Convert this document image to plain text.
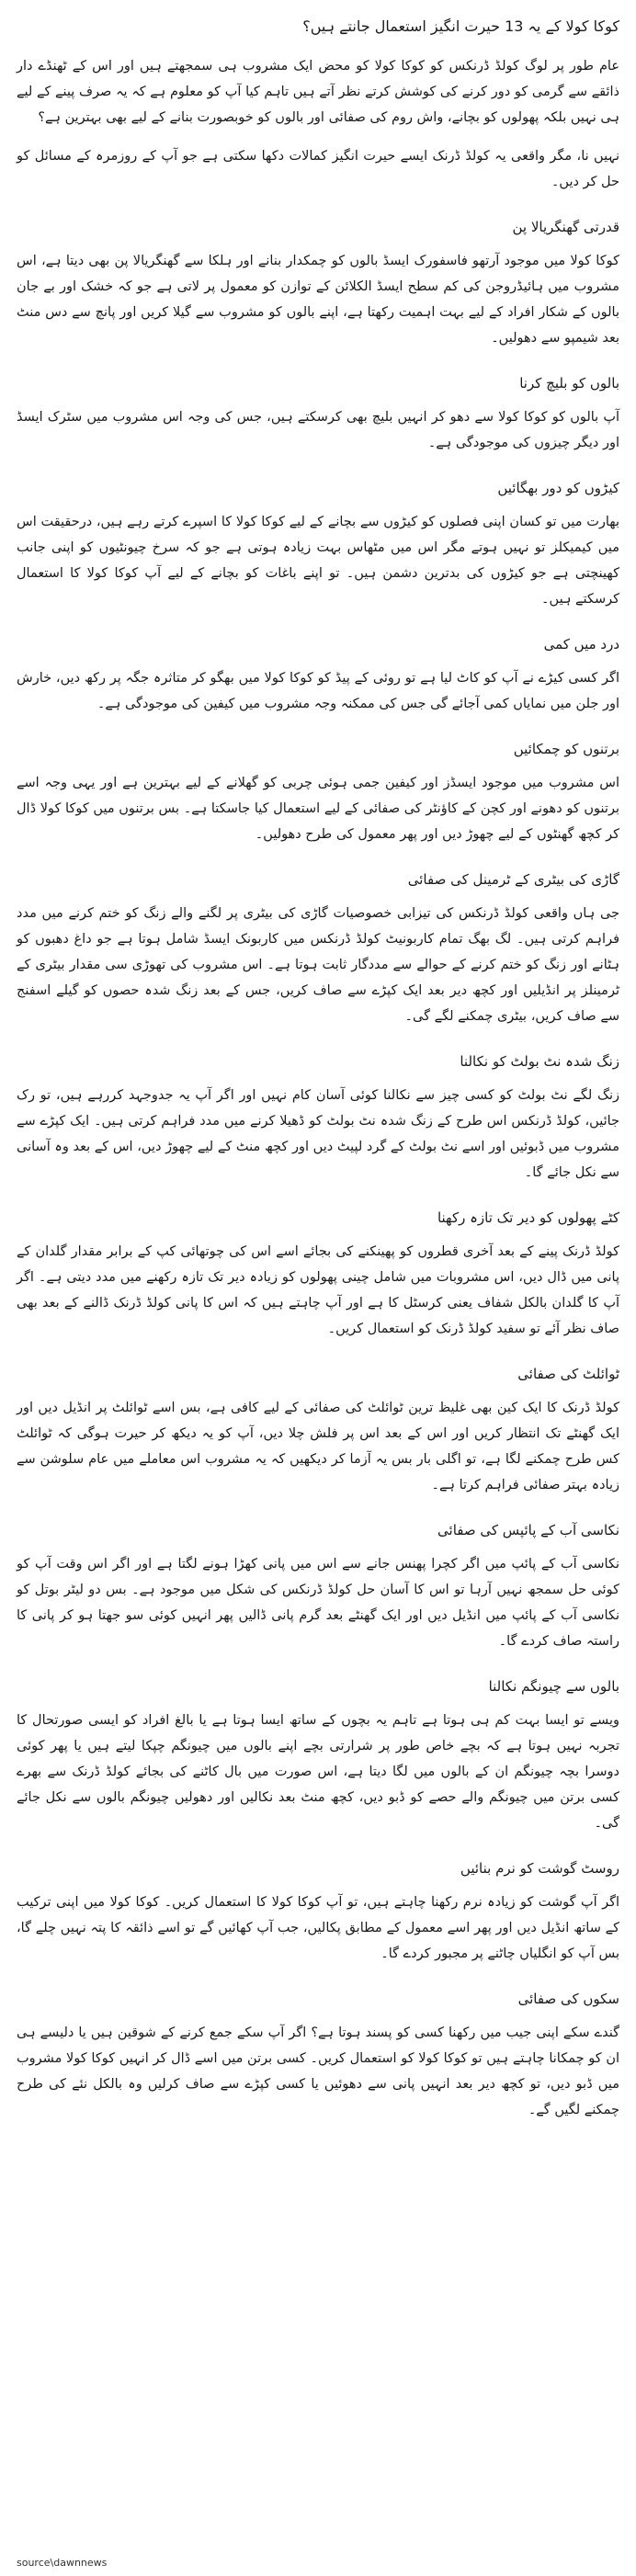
کوکا کولا کے یہ 13 حیرت انگیز استعمال جانتے ہیں؟

عام طور پر لوگ کولڈ ڈرنکس کو کوکا کولا کو محض ایک مشروب ہی سمجھتے ہیں اور اس کے ٹھنڈے دار ذائقے سے گرمی کو دور کرنے کی کوشش کرتے نظر آتے ہیں تاہم کیا آپ کو معلوم ہے کہ یہ صرف پینے کے لیے ہی نہیں بلکہ پھولوں کو بچانے، واش روم کی صفائی اور بالوں کو خوبصورت بنانے کے لیے بھی بہترین ہے؟

نہیں نا، مگر واقعی یہ کولڈ ڈرنک ایسے حیرت انگیز کمالات دکھا سکتی ہے جو آپ کے روزمرہ کے مسائل کو حل کر دیں۔

قدرتی گھنگریالا پن

کوکا کولا میں موجود آرتھو فاسفورک ایسڈ بالوں کو چمکدار بنانے اور ہلکا سے گھنگریالا پن بھی دیتا ہے، اس مشروب میں ہائیڈروجن کی کم سطح ایسڈ الکلائن کے توازن کو معمول پر لاتی ہے جو کہ خشک اور بے جان بالوں کے شکار افراد کے لیے بہت اہمیت رکھتا ہے، اپنے بالوں کو مشروب سے گیلا کریں اور پانچ سے دس منٹ بعد شیمپو سے دھولیں۔

بالوں کو بلیچ کرنا

آپ بالوں کو کوکا کولا سے دھو کر انہیں بلیچ بھی کرسکتے ہیں، جس کی وجہ اس مشروب میں سٹرک ایسڈ اور دیگر چیزوں کی موجودگی ہے۔

کیڑوں کو دور بھگائیں

بھارت میں تو کسان اپنی فصلوں کو کیڑوں سے بچانے کے لیے کوکا کولا کا اسپرے کرتے رہے ہیں، درحقیقت اس میں کیمیکلز تو نہیں ہوتے مگر اس میں مٹھاس بہت زیادہ ہوتی ہے جو کہ سرخ چیونٹیوں کو اپنی جانب کھینچتی ہے جو کیڑوں کی بدترین دشمن ہیں۔ تو اپنے باغات کو بچانے کے لیے آپ کوکا کولا کا استعمال کرسکتے ہیں۔

درد میں کمی

اگر کسی کیڑے نے آپ کو کاٹ لیا ہے تو روئی کے پیڈ کو کوکا کولا میں بھگو کر متاثرہ جگہ پر رکھ دیں، خارش اور جلن میں نمایاں کمی آجائے گی جس کی ممکنہ وجہ مشروب میں کیفین کی موجودگی ہے۔

برتنوں کو چمکائیں

اس مشروب میں موجود ایسڈز اور کیفین جمی ہوئی چربی کو گھلانے کے لیے بہترین ہے اور یہی وجہ اسے برتنوں کو دھونے اور کچن کے کاؤنٹر کی صفائی کے لیے استعمال کیا جاسکتا ہے۔ بس برتنوں میں کوکا کولا ڈال کر کچھ گھنٹوں کے لیے چھوڑ دیں اور پھر معمول کی طرح دھولیں۔

گاڑی کی بیٹری کے ٹرمینل کی صفائی

جی ہاں واقعی کولڈ ڈرنکس کی تیزابی خصوصیات گاڑی کی بیٹری پر لگنے والے زنگ کو ختم کرنے میں مدد فراہم کرتی ہیں۔ لگ بھگ تمام کاربونیٹ کولڈ ڈرنکس میں کاربونک ایسڈ شامل ہوتا ہے جو داغ دھبوں کو ہٹانے اور زنگ کو ختم کرنے کے حوالے سے مددگار ثابت ہوتا ہے۔ اس مشروب کی تھوڑی سی مقدار بیٹری کے ٹرمینلز پر انڈیلیں اور کچھ دیر بعد ایک کپڑے سے صاف کریں، جس کے بعد زنگ شدہ حصوں کو گیلے اسفنج سے صاف کریں، بیٹری چمکنے لگے گی۔

زنگ شدہ نٹ بولٹ کو نکالنا

زنگ لگے نٹ بولٹ کو کسی چیز سے نکالنا کوئی آسان کام نہیں اور اگر آپ یہ جدوجہد کررہے ہیں، تو رک جائیں، کولڈ ڈرنکس اس طرح کے زنگ شدہ نٹ بولٹ کو ڈھیلا کرنے میں مدد فراہم کرتی ہیں۔ ایک کپڑے سے مشروب میں ڈبوئیں اور اسے نٹ بولٹ کے گرد لپیٹ دیں اور کچھ منٹ کے لیے چھوڑ دیں، اس کے بعد وہ آسانی سے نکل جائے گا۔

کٹے پھولوں کو دیر تک تازہ رکھنا

کولڈ ڈرنک پینے کے بعد آخری قطروں کو پھینکنے کی بجائے اسے اس کی چوتھائی کپ کے برابر مقدار گلدان کے پانی میں ڈال دیں، اس مشروبات میں شامل چینی پھولوں کو زیادہ دیر تک تازہ رکھنے میں مدد دیتی ہے۔ اگر آپ کا گلدان بالکل شفاف یعنی کرسٹل کا ہے اور آپ چاہتے ہیں کہ اس کا پانی کولڈ ڈرنک ڈالنے کے بعد بھی صاف نظر آئے تو سفید کولڈ ڈرنک کو استعمال کریں۔

ٹوائلٹ کی صفائی

کولڈ ڈرنک کا ایک کین بھی غلیظ ترین ٹوائلٹ کی صفائی کے لیے کافی ہے، بس اسے ٹوائلٹ پر انڈیل دیں اور ایک گھنٹے تک انتظار کریں اور اس کے بعد اس پر فلش چلا دیں، آپ کو یہ دیکھ کر حیرت ہوگی کہ ٹوائلٹ کس طرح چمکنے لگا ہے، تو اگلی بار بس یہ آزما کر دیکھیں کہ یہ مشروب اس معاملے میں عام سلوشن سے زیادہ بہتر صفائی فراہم کرتا ہے۔

نکاسی آب کے پائپس کی صفائی

نکاسی آب کے پائپ میں اگر کچرا پھنس جانے سے اس میں پانی کھڑا ہونے لگتا ہے اور اگر اس وقت آپ کو کوئی حل سمجھ نہیں آرہا تو اس کا آسان حل کولڈ ڈرنکس کی شکل میں موجود ہے۔ بس دو لیٹر بوتل کو نکاسی آب کے پائپ میں انڈیل دیں اور ایک گھنٹے بعد گرم پانی ڈالیں پھر انہیں کوئی سو جھتا ہو کر پانی کا راستہ صاف کردے گا۔

بالوں سے چیونگم نکالنا

ویسے تو ایسا بہت کم ہی ہوتا ہے تاہم یہ بچوں کے ساتھ ایسا ہوتا ہے یا بالغ افراد کو ایسی صورتحال کا تجربہ نہیں ہوتا ہے کہ بچے خاص طور پر شرارتی بچے اپنے بالوں میں چیونگم چپکا لیتے ہیں یا پھر کوئی دوسرا بچہ چیونگم ان کے بالوں میں لگا دیتا ہے، اس صورت میں بال کاٹنے کی بجائے کولڈ ڈرنک سے بھرے کسی برتن میں چیونگم والے حصے کو ڈبو دیں، کچھ منٹ بعد نکالیں اور دھولیں چیونگم بالوں سے نکل جائے گی۔

روسٹ گوشت کو نرم بنائیں

اگر آپ گوشت کو زیادہ نرم رکھنا چاہتے ہیں، تو آپ کوکا کولا کا استعمال کریں۔ کوکا کولا میں اپنی ترکیب کے ساتھ انڈیل دیں اور پھر اسے معمول کے مطابق پکالیں، جب آپ کھائیں گے تو اسے ذائقہ کا پتہ نہیں چلے گا، بس آپ کو انگلیاں چاٹنے پر مجبور کردے گا۔

سکوں کی صفائی

گندے سکے اپنی جیب میں رکھنا کسی کو پسند ہوتا ہے؟ اگر آپ سکے جمع کرنے کے شوقین ہیں یا دلیسے ہی ان کو چمکانا چاہتے ہیں تو کوکا کولا کو استعمال کریں۔ کسی برتن میں اسے ڈال کر انہیں کوکا کولا مشروب میں ڈبو دیں، تو کچھ دیر بعد انہیں پانی سے دھوئیں یا کسی کپڑے سے صاف کرلیں وہ بالکل نئے کی طرح چمکنے لگیں گے۔

source\dawnnews
